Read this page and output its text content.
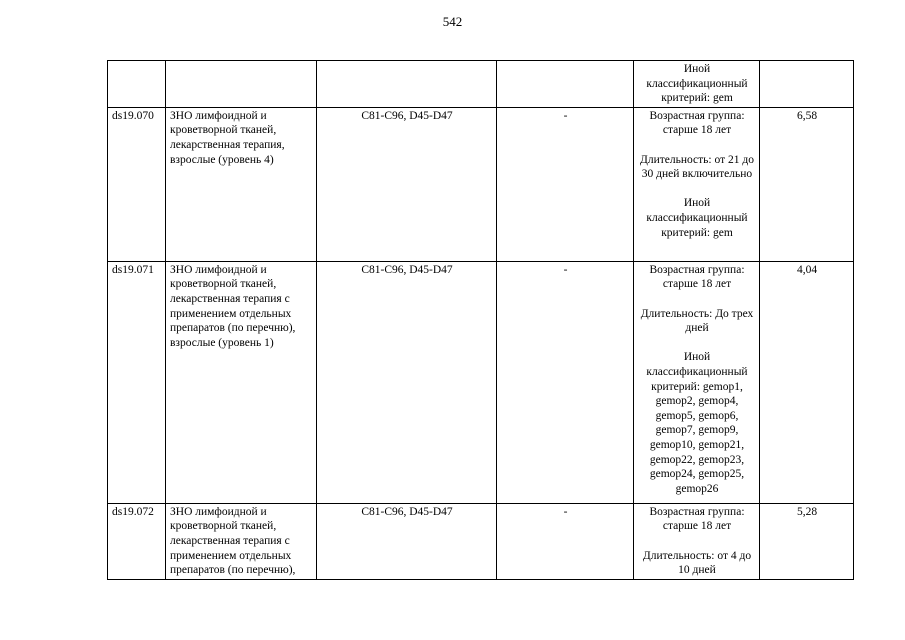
542

				Иной классификационный критерий: gem	

ds19.070	ЗНО лимфоидной и кроветворной тканей, лекарственная терапия, взрослые (уровень 4)	C81-C96, D45-D47	-	Возрастная группа: старше 18 лет
Длительность: от 21 до 30 дней включительно
Иной классификационный критерий: gem	6,58
ds19.071	ЗНО лимфоидной и кроветворной тканей, лекарственная терапия с применением отдельных препаратов (по перечню), взрослые (уровень 1)	C81-C96, D45-D47	-	Возрастная группа: старше 18 лет
Длительность: До трех дней
Иной классификационный критерий: gemop1, gemop2, gemop4, gemop5, gemop6, gemop7, gemop9, gemop10, gemop21, gemop22, gemop23, gemop24, gemop25, gemop26	4,04
ds19.072	ЗНО лимфоидной и кроветворной тканей, лекарственная терапия с применением отдельных препаратов (по перечню),	C81-C96, D45-D47	-	Возрастная группа: старше 18 лет
Длительность: от 4 до 10 дней	5,28
